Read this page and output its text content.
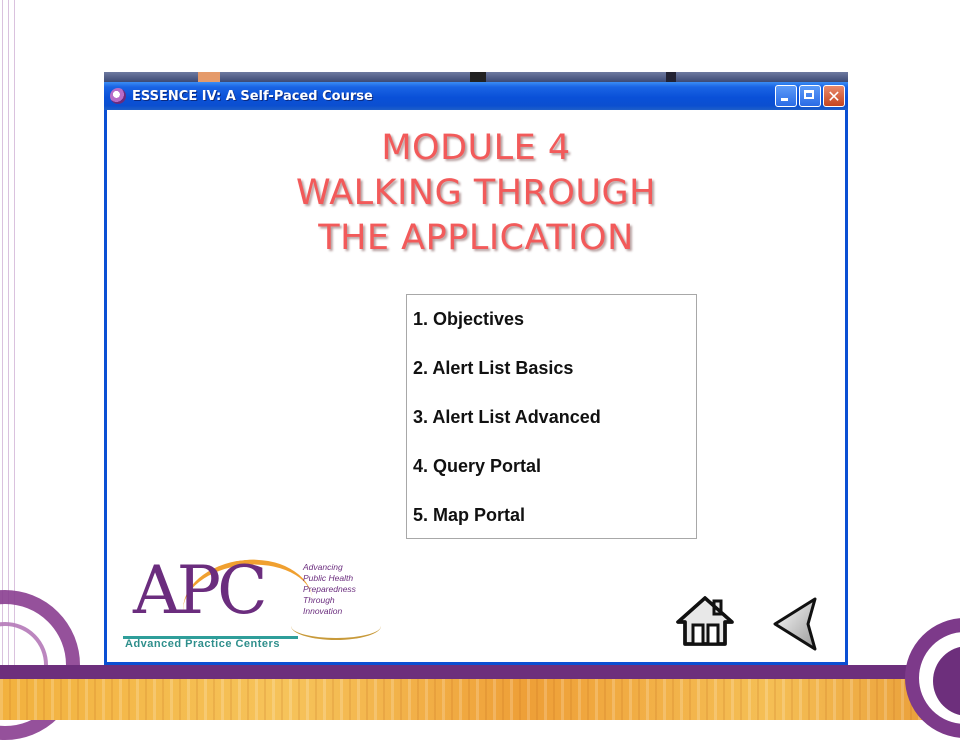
ESSENCE IV: A Self-Paced Course	✕
MODULE 4
WALKING THROUGH
THE APPLICATION
1. Objectives
2. Alert List Basics
3. Alert List Advanced
4. Query Portal
5. Map Portal
APC
Advanced Practice Centers
Advancing
Public Health
Preparedness
Through
Innovation
